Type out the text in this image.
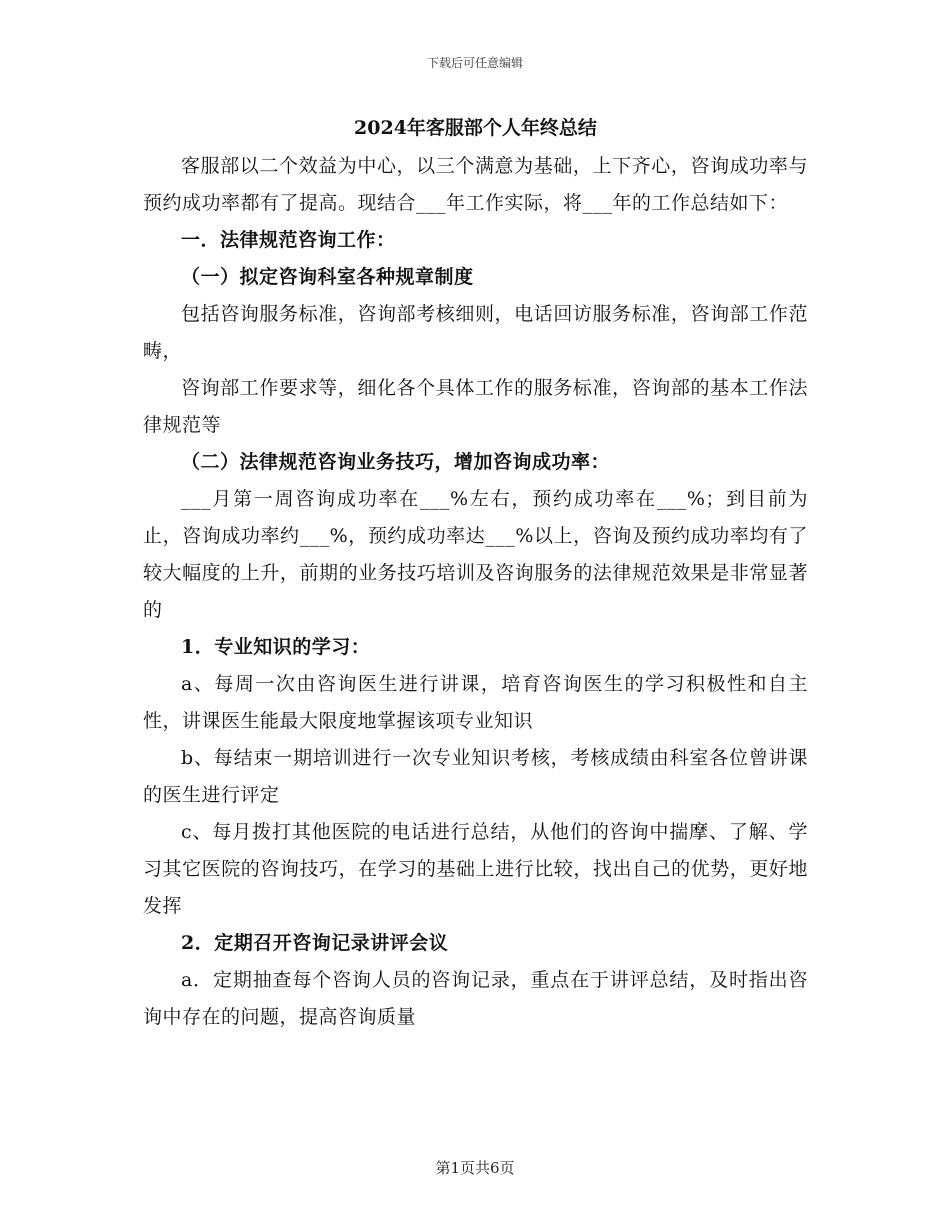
下载后可任意编辑
2024年客服部个人年终总结
客服部以二个效益为中心，以三个满意为基础，上下齐心，咨询成功率与预约成功率都有了提高。现结合___年工作实际，将___年的工作总结如下：
一．法律规范咨询工作：
（一）拟定咨询科室各种规章制度
包括咨询服务标准，咨询部考核细则，电话回访服务标准，咨询部工作范畴，
咨询部工作要求等，细化各个具体工作的服务标准，咨询部的基本工作法律规范等
（二）法律规范咨询业务技巧，增加咨询成功率：
___月第一周咨询成功率在___%左右，预约成功率在___%；到目前为止，咨询成功率约___%，预约成功率达___%以上，咨询及预约成功率均有了较大幅度的上升，前期的业务技巧培训及咨询服务的法律规范效果是非常显著的
1．专业知识的学习：
a、每周一次由咨询医生进行讲课，培育咨询医生的学习积极性和自主性，讲课医生能最大限度地掌握该项专业知识
b、每结束一期培训进行一次专业知识考核，考核成绩由科室各位曾讲课的医生进行评定
c、每月拨打其他医院的电话进行总结，从他们的咨询中揣摩、了解、学习其它医院的咨询技巧，在学习的基础上进行比较，找出自己的优势，更好地发挥
2．定期召开咨询记录讲评会议
a．定期抽查每个咨询人员的咨询记录，重点在于讲评总结，及时指出咨询中存在的问题，提高咨询质量
第1页共6页
